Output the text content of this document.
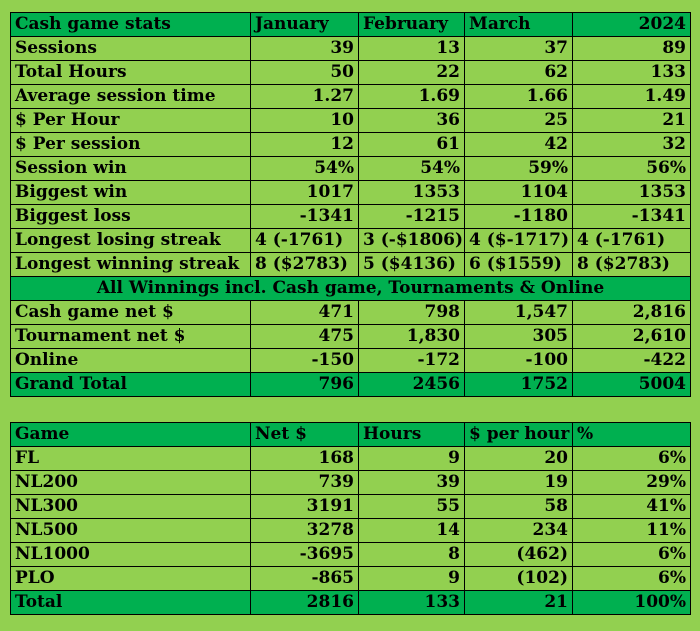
Cash game stats	January	February	March	2024
Sessions	39	13	37	89
Total Hours	50	22	62	133
Average session time	1.27	1.69	1.66	1.49
$ Per Hour	10	36	25	21
$ Per session	12	61	42	32
Session win	54%	54%	59%	56%
Biggest win	1017	1353	1104	1353
Biggest loss	-1341	-1215	-1180	-1341
Longest losing streak	4 (-1761)	3 (-$1806)	4 ($-1717)	4 (-1761)
Longest winning streak	8 ($2783)	5 ($4136)	6 ($1559)	8 ($2783)
All Winnings incl. Cash game, Tournaments & Online				
Cash game net $	471	798	1,547	2,816
Tournament net $	475	1,830	305	2,610
Online	-150	-172	-100	-422
Grand Total	796	2456	1752	5004
Game	Net $	Hours	$ per hour	%
FL	168	9	20	6%
NL200	739	39	19	29%
NL300	3191	55	58	41%
NL500	3278	14	234	11%
NL1000	-3695	8	(462)	6%
PLO	-865	9	(102)	6%
Total	2816	133	21	100%
